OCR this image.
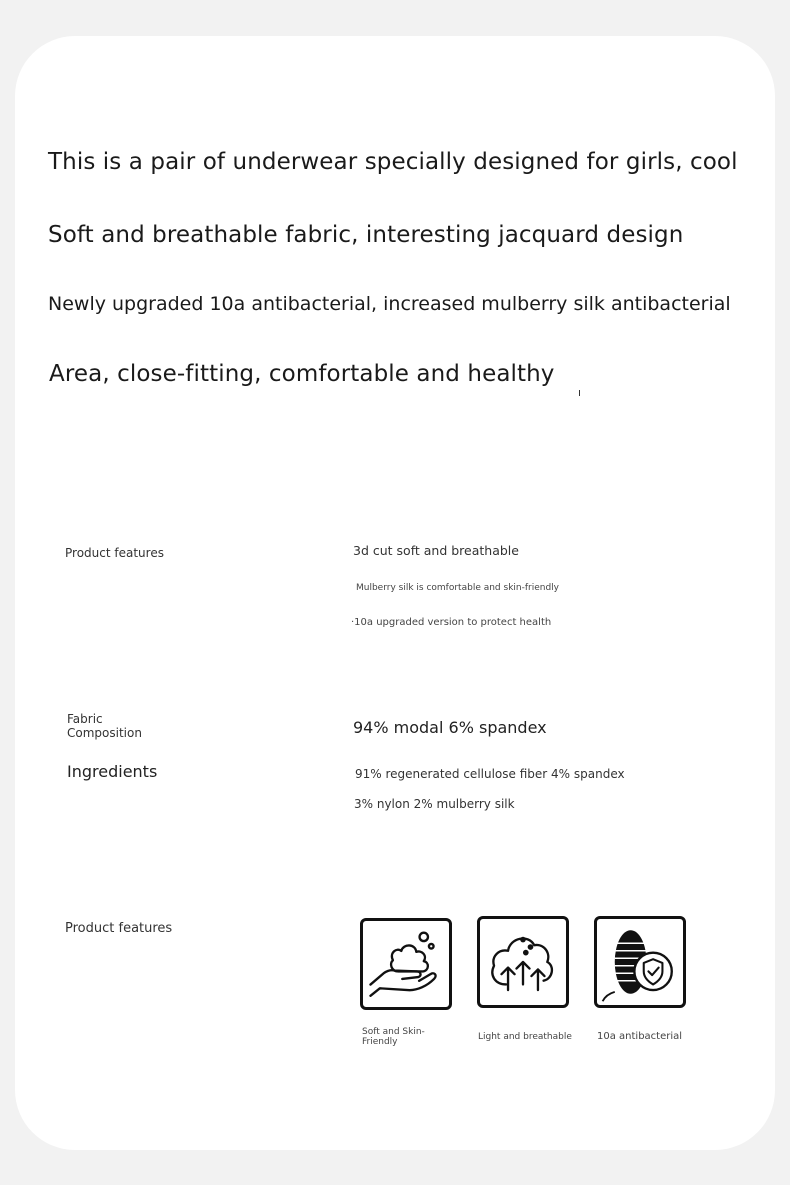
This is a pair of underwear specially designed for girls, cool
Soft and breathable fabric, interesting jacquard design
Newly upgraded 10a antibacterial, increased mulberry silk antibacterial
Area, close-fitting, comfortable and healthy
Product features	3d cut soft and breathable
Mulberry silk is comfortable and skin-friendly
·10a upgraded version to protect health
Fabric Composition	94% modal 6% spandex
Ingredients	91% regenerated cellulose fiber 4% spandex
3% nylon 2% mulberry silk
Product features
Soft and Skin-Friendly	Light and breathable	10a antibacterial
